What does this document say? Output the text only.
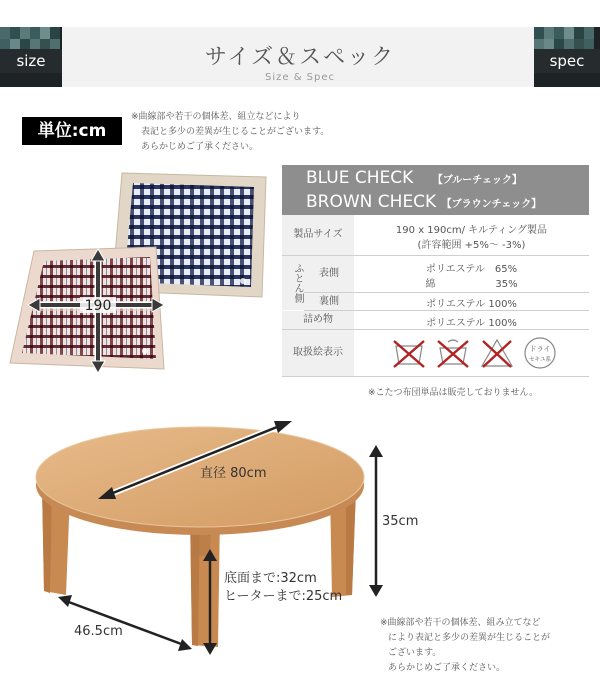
size	spec
サイズ＆スペック
Size & Spec
単位:cm
※曲線部や若干の個体差、組立などにより
表記と多少の差異が生じることがございます。
あらかじめご了承ください。
190
BLUE CHECK 【ブルーチェック】
BROWN CHECK 【ブラウンチェック】
製品サイズ	190 x 190cm/ キルティング製品
(許容範囲 +5%～ -3%)
ふとん側	表側	ポリエステル　65%
綿　　　　　　35%
裏側	ポリエステル 100%
詰め物	ポリエステル 100%
取扱絵表示	ドライ
セキユ系
※こたつ布団単品は販売しておりません。
直径 80cm
35cm
底面まで:32cm
ヒーターまで:25cm
46.5cm
※曲線部や若干の個体差、組み立てなど
により表記と多少の差異が生じることが
ございます。
あらかじめご了承ください。
